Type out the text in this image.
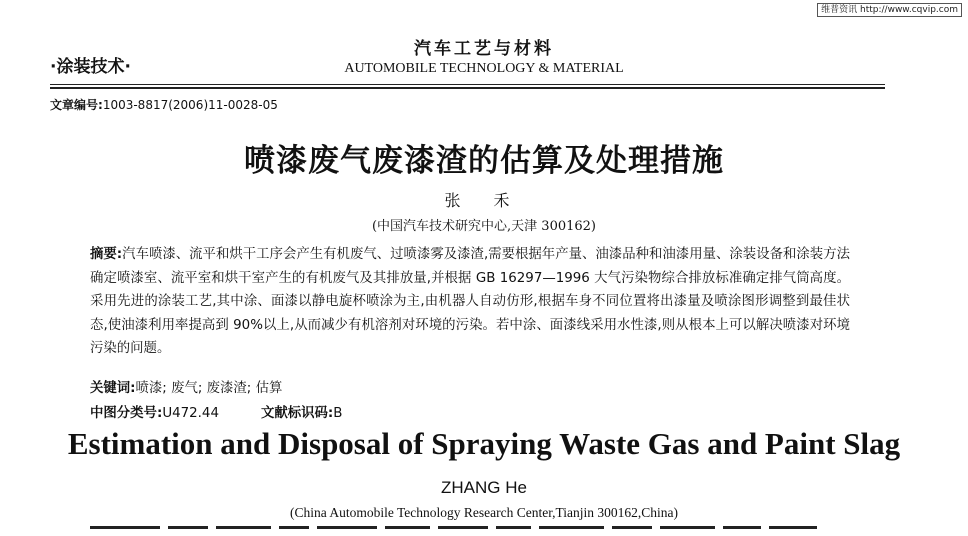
维普资讯 http://www.cqvip.com
·涂装技术·
汽车工艺与材料
AUTOMOBILE TECHNOLOGY & MATERIAL
文章编号:1003-8817(2006)11-0028-05
喷漆废气废漆渣的估算及处理措施
张 禾
(中国汽车技术研究中心,天津 300162)
摘要:汽车喷漆、流平和烘干工序会产生有机废气、过喷漆雾及漆渣,需要根据年产量、油漆品种和油漆用量、涂装设备和涂装方法确定喷漆室、流平室和烘干室产生的有机废气及其排放量,并根据 GB 16297—1996 大气污染物综合排放标准确定排气筒高度。采用先进的涂装工艺,其中涂、面漆以静电旋杯喷涂为主,由机器人自动仿形,根据车身不同位置将出漆量及喷涂图形调整到最佳状态,使油漆利用率提高到 90%以上,从而减少有机溶剂对环境的污染。若中涂、面漆线采用水性漆,则从根本上可以解决喷漆对环境污染的问题。
关键词:喷漆; 废气; 废漆渣; 估算
中图分类号:U472.44	文献标识码:B
Estimation and Disposal of Spraying Waste Gas and Paint Slag
ZHANG He
(China Automobile Technology Research Center,Tianjin 300162,China)
